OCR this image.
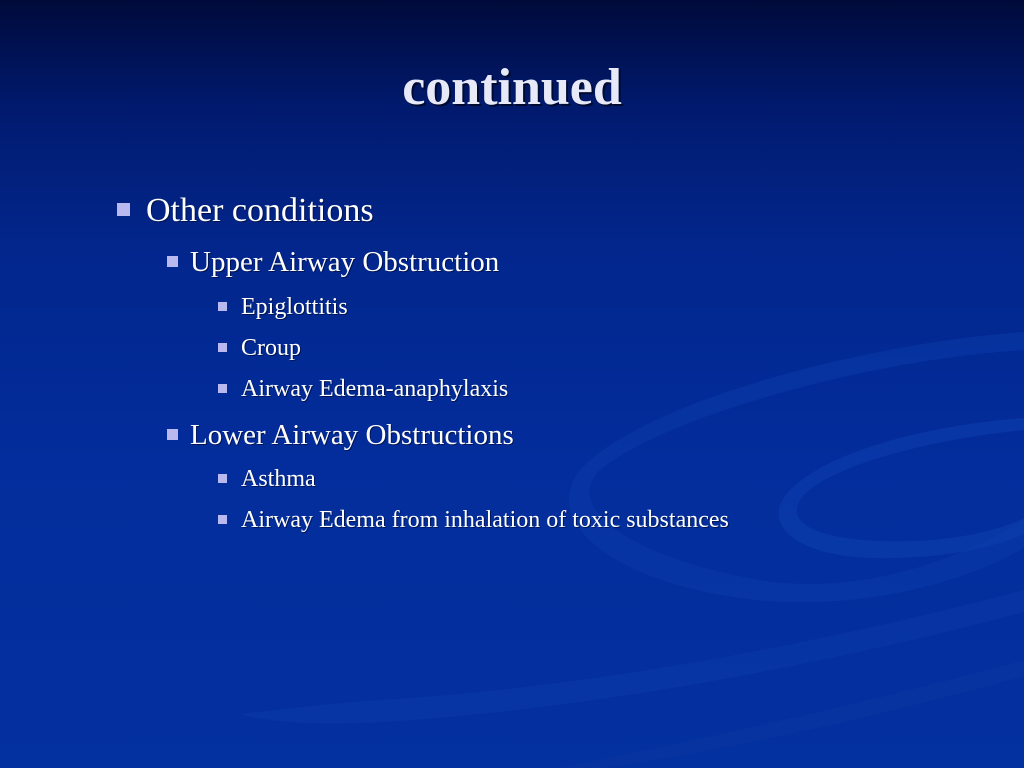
continued
Other conditions
Upper Airway Obstruction
Epiglottitis
Croup
Airway Edema-anaphylaxis
Lower Airway Obstructions
Asthma
Airway Edema from inhalation of toxic substances
